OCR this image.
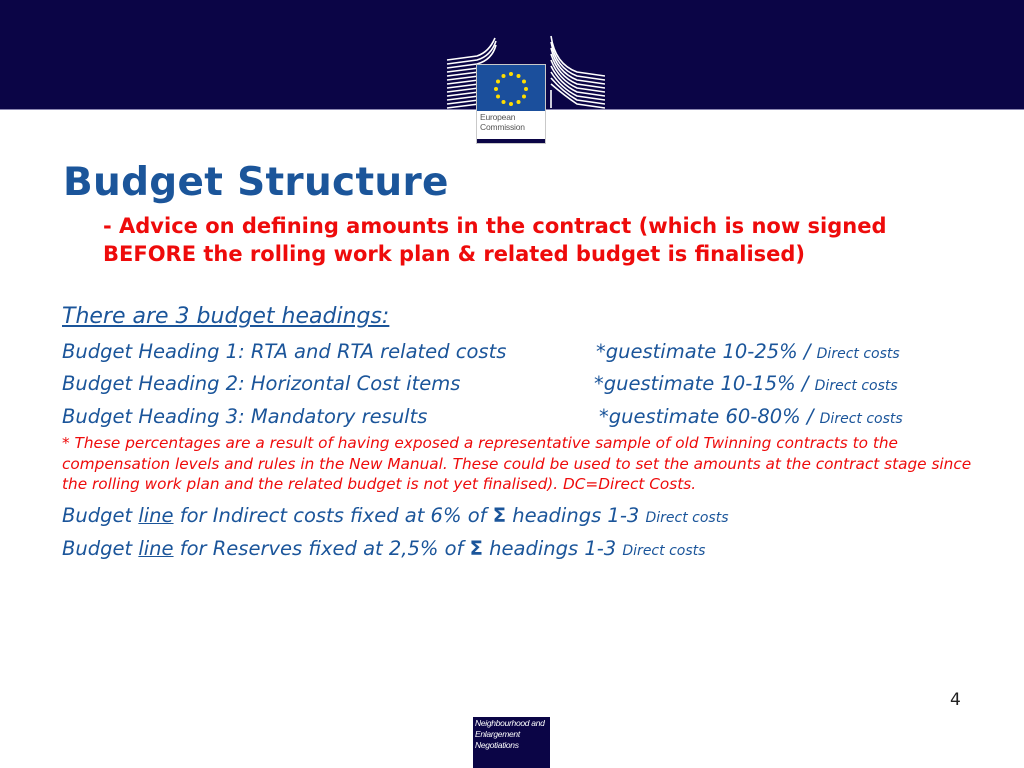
European
Commission
Budget Structure
- Advice on defining amounts in the contract (which is now signed BEFORE the rolling work plan & related budget is finalised)
There are 3 budget headings:
Budget Heading 1: RTA and RTA related costs	*guestimate 10-25% / Direct costs
Budget Heading 2: Horizontal Cost items	*guestimate 10-15% / Direct costs
Budget Heading 3: Mandatory results	*guestimate 60-80% / Direct costs
* These percentages are a result of having exposed a representative sample of old Twinning contracts to the compensation levels and rules in the New Manual. These could be used to set the amounts at the contract stage since the rolling work plan and the related budget is not yet finalised). DC=Direct Costs.
Budget line for Indirect costs fixed at 6% of Σ headings 1-3 Direct costs
Budget line for Reserves fixed at 2,5% of Σ headings 1-3 Direct costs
4
Neighbourhood and
Enlargement
Negotiations
